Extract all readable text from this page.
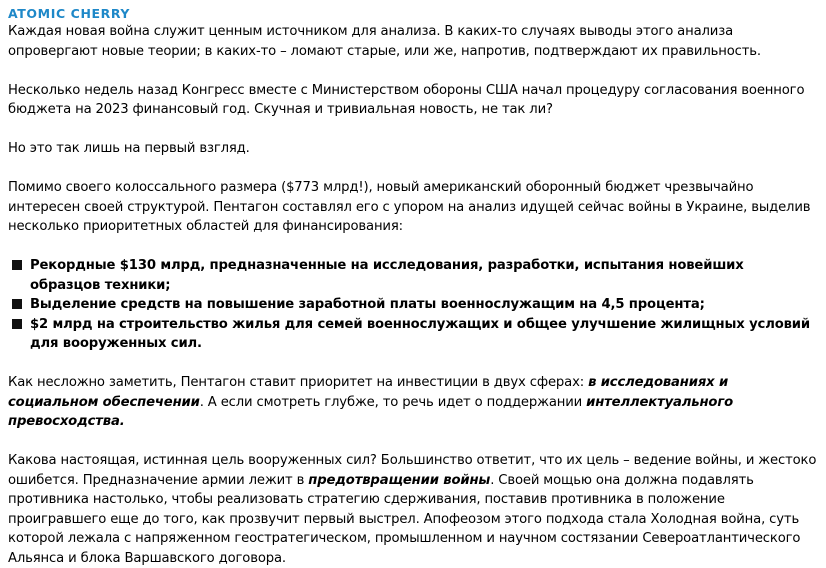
ATOMIC CHERRY

Каждая новая война служит ценным источником для анализа. В каких-то случаях выводы этого анализа опровергают новые теории; в каких-то – ломают старые, или же, напротив, подтверждают их правильность.

Несколько недель назад Конгресс вместе с Министерством обороны США начал процедуру согласования военного бюджета на 2023 финансовый год. Скучная и тривиальная новость, не так ли?

Но это так лишь на первый взгляд.

Помимо своего колоссального размера ($773 млрд!), новый американский оборонный бюджет чрезвычайно интересен своей структурой. Пентагон составлял его с упором на анализ идущей сейчас войны в Украине, выделив несколько приоритетных областей для финансирования:

Рекордные $130 млрд, предназначенные на исследования, разработки, испытания новейших образцов техники;
Выделение средств на повышение заработной платы военнослужащим на 4,5 процента;
$2 млрд на строительство жилья для семей военнослужащих и общее улучшение жилищных условий для вооруженных сил.

Как несложно заметить, Пентагон ставит приоритет на инвестиции в двух сферах: в исследованиях и социальном обеспечении. А если смотреть глубже, то речь идет о поддержании интеллектуального превосходства.

Какова настоящая, истинная цель вооруженных сил? Большинство ответит, что их цель – ведение войны, и жестоко ошибется. Предназначение армии лежит в предотвращении войны. Своей мощью она должна подавлять противника настолько, чтобы реализовать стратегию сдерживания, поставив противника в положение проигравшего еще до того, как прозвучит первый выстрел. Апофеозом этого подхода стала Холодная война, суть которой лежала с напряженном геостратегическом, промышленном и научном состязании Североатлантического Альянса и блока Варшавского договора.
